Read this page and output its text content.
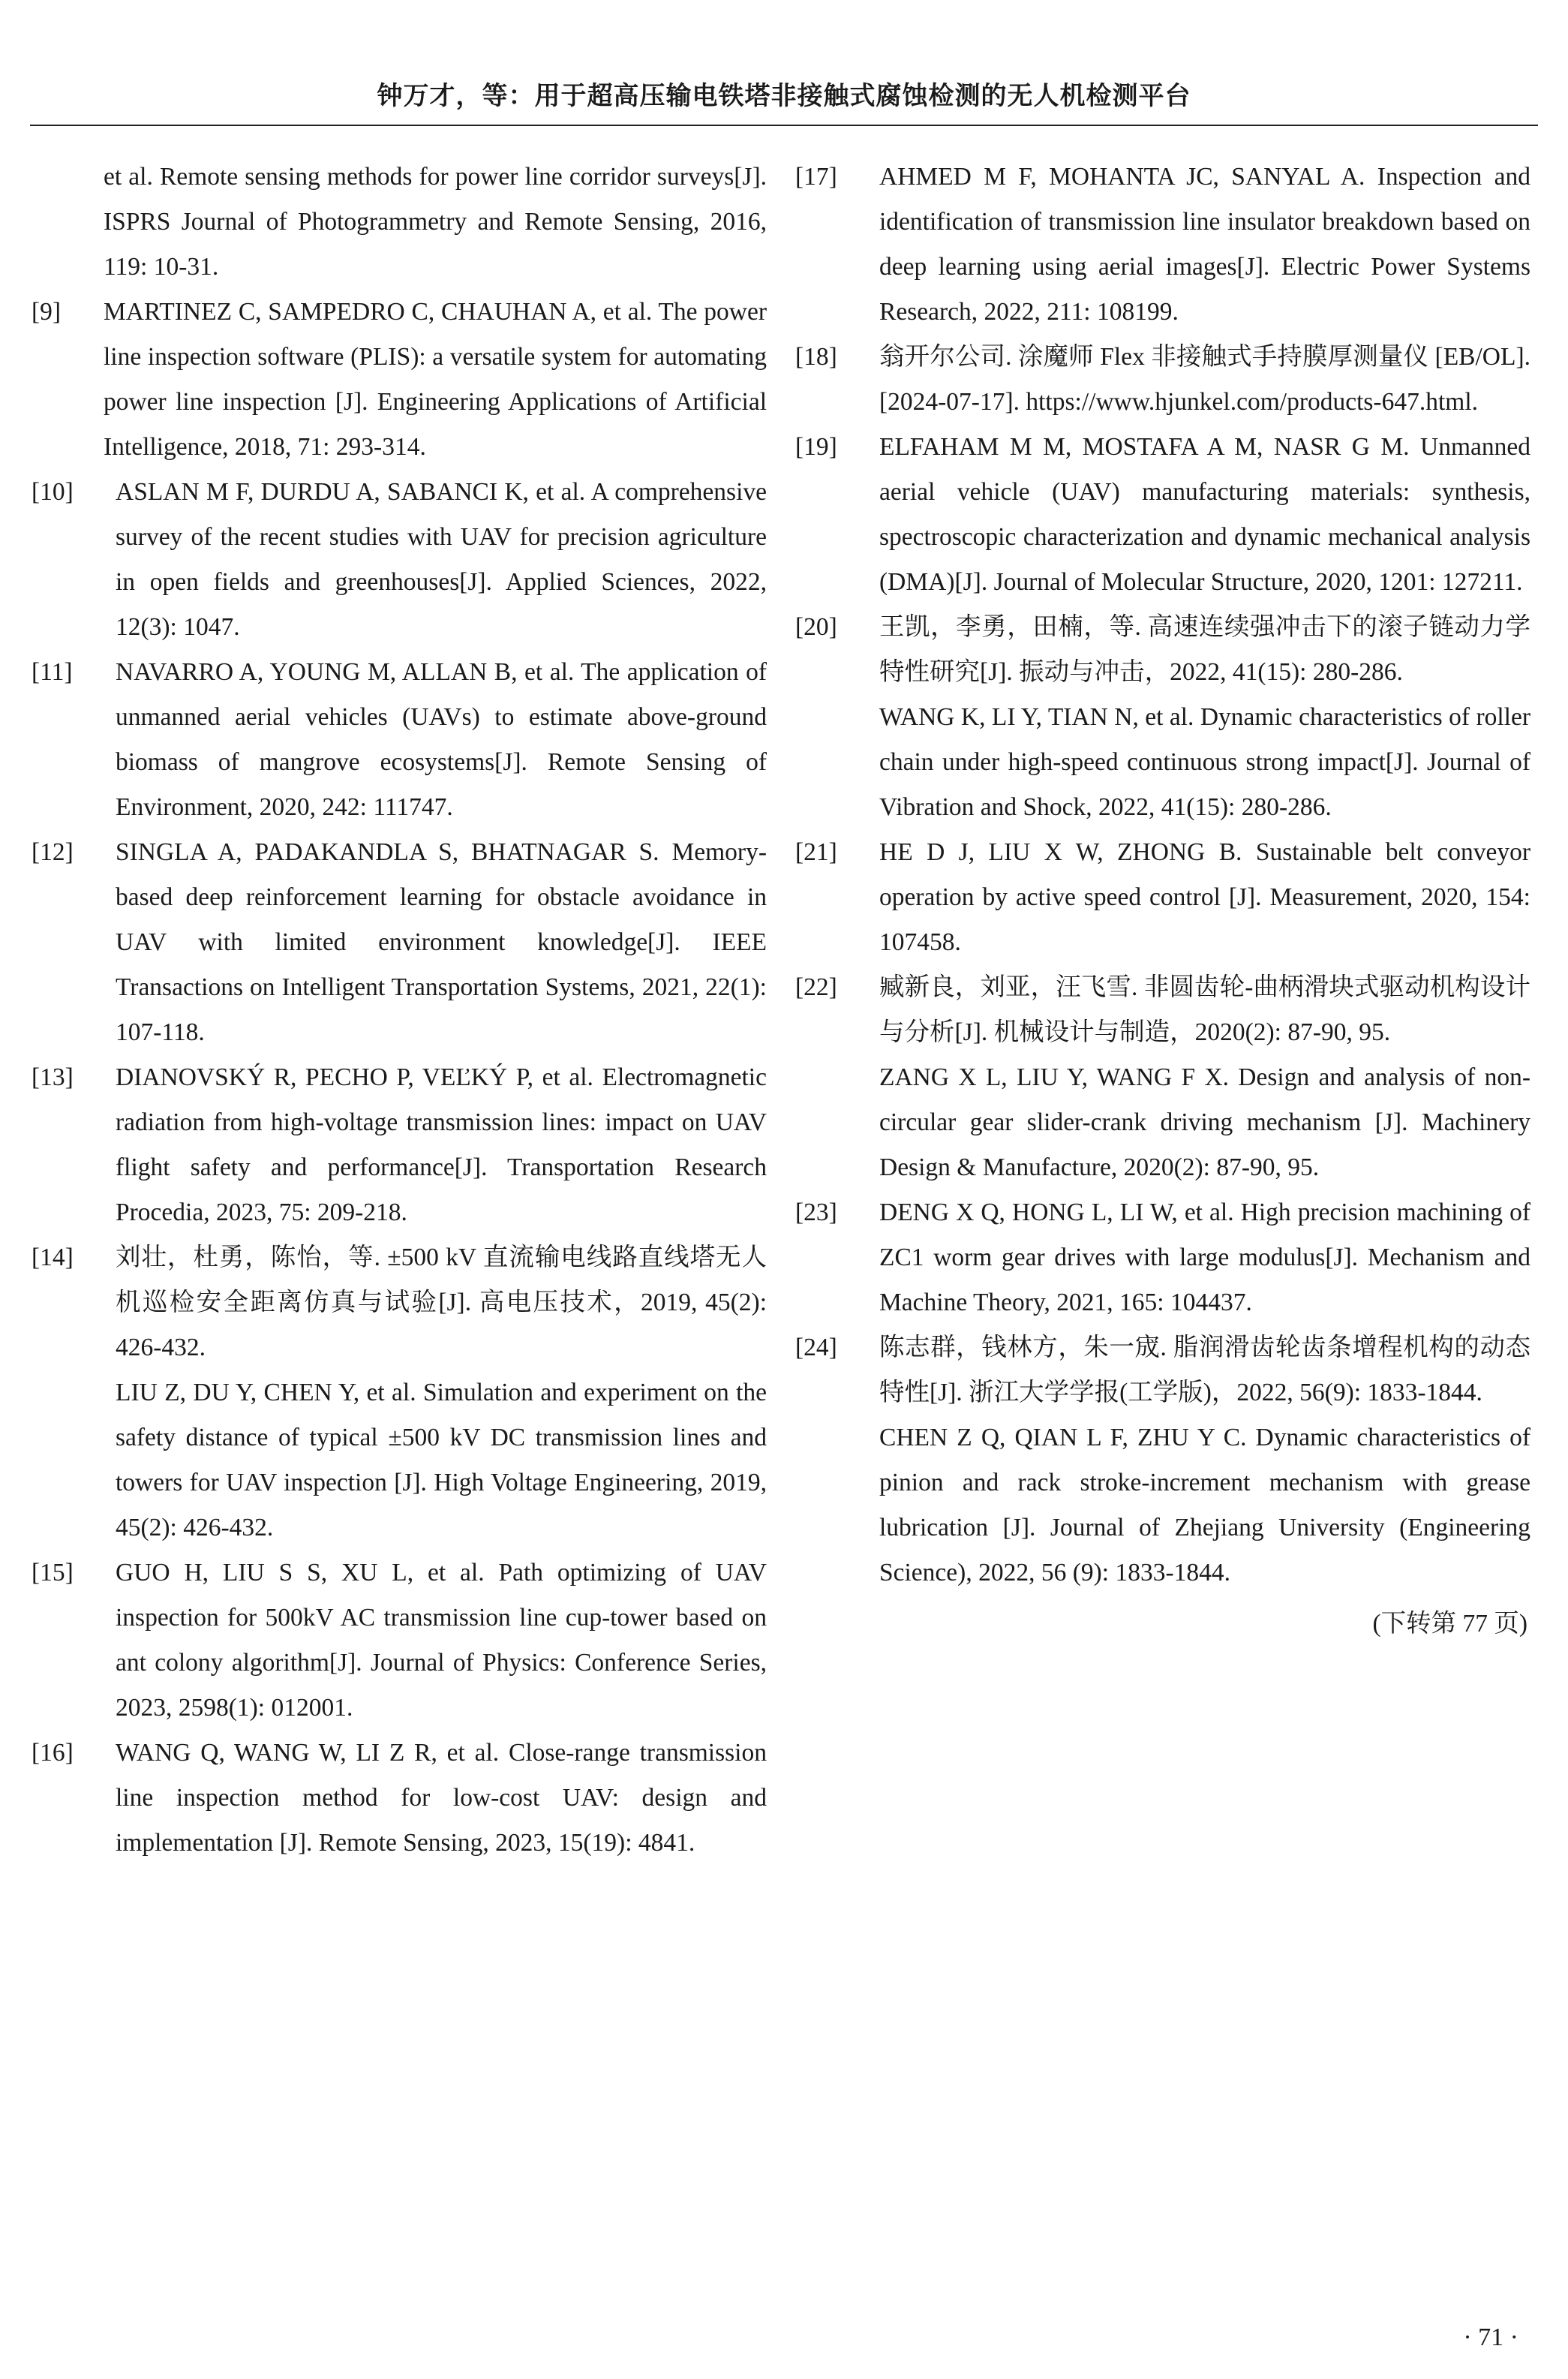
钟万才，等：用于超高压输电铁塔非接触式腐蚀检测的无人机检测平台
et al. Remote sensing methods for power line corridor surveys[J]. ISPRS Journal of Photogrammetry and Remote Sensing, 2016, 119: 10-31.
[9] MARTINEZ C, SAMPEDRO C, CHAUHAN A, et al. The power line inspection software (PLIS): a versatile system for automating power line inspection [J]. Engineering Applications of Artificial Intelligence, 2018, 71: 293-314.
[10] ASLAN M F, DURDU A, SABANCI K, et al. A comprehensive survey of the recent studies with UAV for precision agriculture in open fields and greenhouses[J]. Applied Sciences, 2022, 12(3): 1047.
[11] NAVARRO A, YOUNG M, ALLAN B, et al. The application of unmanned aerial vehicles (UAVs) to estimate above-ground biomass of mangrove ecosystems[J]. Remote Sensing of Environment, 2020, 242: 111747.
[12] SINGLA A, PADAKANDLA S, BHATNAGAR S. Memory-based deep reinforcement learning for obstacle avoidance in UAV with limited environment knowledge[J]. IEEE Transactions on Intelligent Transportation Systems, 2021, 22(1): 107-118.
[13] DIANOVSKÝ R, PECHO P, VEĽKÝ P, et al. Electromagnetic radiation from high-voltage transmission lines: impact on UAV flight safety and performance[J]. Transportation Research Procedia, 2023, 75: 209-218.
[14] 刘壮，杜勇，陈怡，等. ±500 kV 直流输电线路直线塔无人机巡检安全距离仿真与试验[J]. 高电压技术，2019, 45(2): 426-432.
LIU Z, DU Y, CHEN Y, et al. Simulation and experiment on the safety distance of typical ±500 kV DC transmission lines and towers for UAV inspection [J]. High Voltage Engineering, 2019, 45(2): 426-432.
[15] GUO H, LIU S S, XU L, et al. Path optimizing of UAV inspection for 500kV AC transmission line cup-tower based on ant colony algorithm[J]. Journal of Physics: Conference Series, 2023, 2598(1): 012001.
[16] WANG Q, WANG W, LI Z R, et al. Close-range transmission line inspection method for low-cost UAV: design and implementation [J]. Remote Sensing, 2023, 15(19): 4841.
[17] AHMED M F, MOHANTA JC, SANYAL A. Inspection and identification of transmission line insulator breakdown based on deep learning using aerial images[J]. Electric Power Systems Research, 2022, 211: 108199.
[18] 翁开尔公司. 涂魔师 Flex 非接触式手持膜厚测量仪 [EB/OL]. [2024-07-17]. https://www.hjunkel.com/products-647.html.
[19] ELFAHAM M M, MOSTAFA A M, NASR G M. Unmanned aerial vehicle (UAV) manufacturing materials: synthesis, spectroscopic characterization and dynamic mechanical analysis (DMA)[J]. Journal of Molecular Structure, 2020, 1201: 127211.
[20] 王凯，李勇，田楠，等. 高速连续强冲击下的滚子链动力学特性研究[J]. 振动与冲击，2022, 41(15): 280-286.
WANG K, LI Y, TIAN N, et al. Dynamic characteristics of roller chain under high-speed continuous strong impact[J]. Journal of Vibration and Shock, 2022, 41(15): 280-286.
[21] HE D J, LIU X W, ZHONG B. Sustainable belt conveyor operation by active speed control [J]. Measurement, 2020, 154: 107458.
[22] 臧新良，刘亚，汪飞雪. 非圆齿轮-曲柄滑块式驱动机构设计与分析[J]. 机械设计与制造，2020(2): 87-90, 95.
ZANG X L, LIU Y, WANG F X. Design and analysis of non-circular gear slider-crank driving mechanism [J]. Machinery Design & Manufacture, 2020(2): 87-90, 95.
[23] DENG X Q, HONG L, LI W, et al. High precision machining of ZC1 worm gear drives with large modulus[J]. Mechanism and Machine Theory, 2021, 165: 104437.
[24] 陈志群，钱林方，朱一宬. 脂润滑齿轮齿条增程机构的动态特性[J]. 浙江大学学报(工学版)，2022, 56(9): 1833-1844.
CHEN Z Q, QIAN L F, ZHU Y C. Dynamic characteristics of pinion and rack stroke-increment mechanism with grease lubrication [J]. Journal of Zhejiang University (Engineering Science), 2022, 56 (9): 1833-1844.
(下转第 77 页)
· 71 ·
